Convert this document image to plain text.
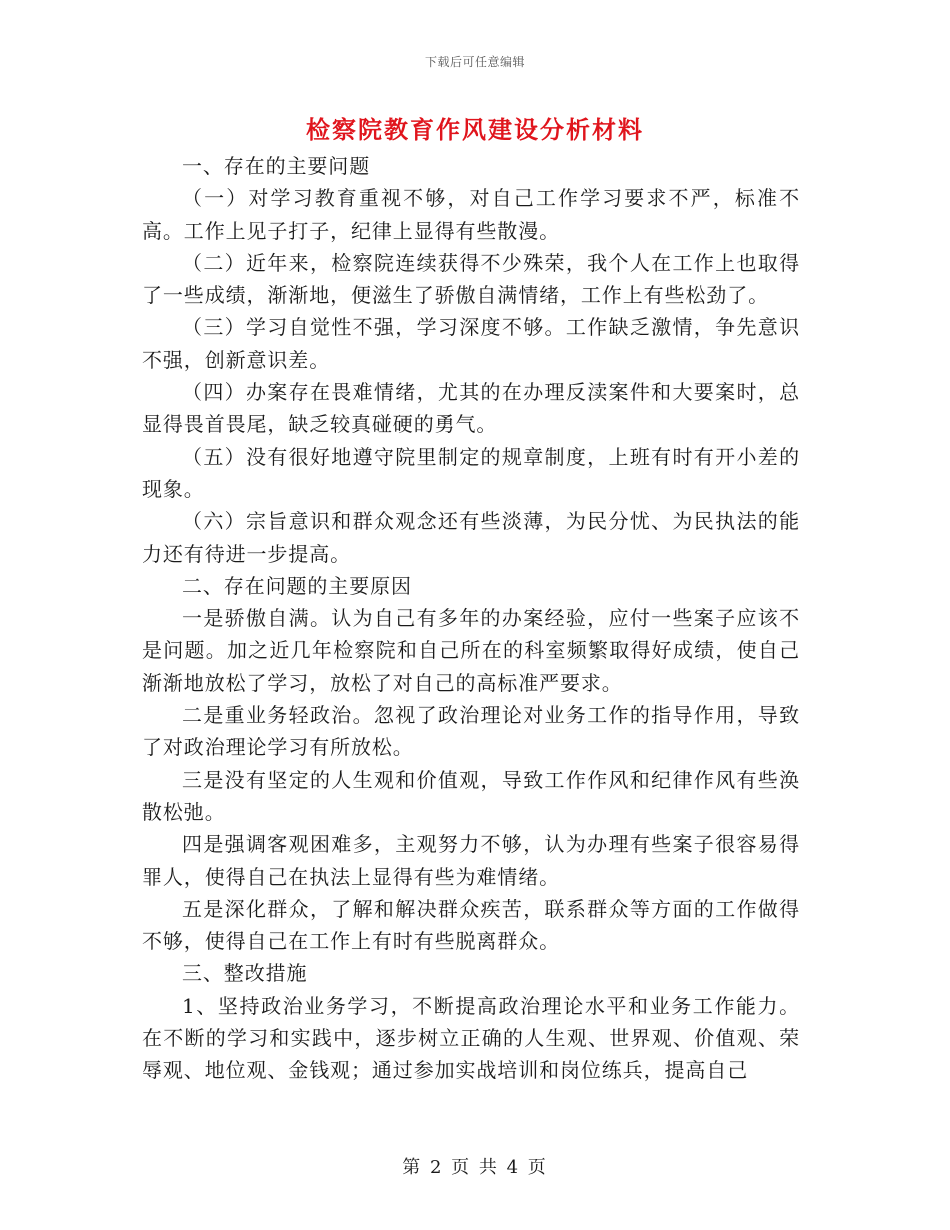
下载后可任意编辑
检察院教育作风建设分析材料

一、存在的主要问题

（一）对学习教育重视不够，对自己工作学习要求不严，标准不高。工作上见子打子，纪律上显得有些散漫。

（二）近年来，检察院连续获得不少殊荣，我个人在工作上也取得了一些成绩，渐渐地，便滋生了骄傲自满情绪，工作上有些松劲了。

（三）学习自觉性不强，学习深度不够。工作缺乏激情，争先意识不强，创新意识差。

（四）办案存在畏难情绪，尤其的在办理反渎案件和大要案时，总显得畏首畏尾，缺乏较真碰硬的勇气。

（五）没有很好地遵守院里制定的规章制度，上班有时有开小差的现象。

（六）宗旨意识和群众观念还有些淡薄，为民分忧、为民执法的能力还有待进一步提高。

二、存在问题的主要原因

一是骄傲自满。认为自己有多年的办案经验，应付一些案子应该不是问题。加之近几年检察院和自己所在的科室频繁取得好成绩，使自己渐渐地放松了学习，放松了对自己的高标准严要求。

二是重业务轻政治。忽视了政治理论对业务工作的指导作用，导致了对政治理论学习有所放松。

三是没有坚定的人生观和价值观，导致工作作风和纪律作风有些涣散松弛。

四是强调客观困难多，主观努力不够，认为办理有些案子很容易得罪人，使得自己在执法上显得有些为难情绪。

五是深化群众，了解和解决群众疾苦，联系群众等方面的工作做得不够，使得自己在工作上有时有些脱离群众。

三、整改措施

1、坚持政治业务学习，不断提高政治理论水平和业务工作能力。在不断的学习和实践中，逐步树立正确的人生观、世界观、价值观、荣辱观、地位观、金钱观；通过参加实战培训和岗位练兵，提高自己

第 2 页 共 4 页
